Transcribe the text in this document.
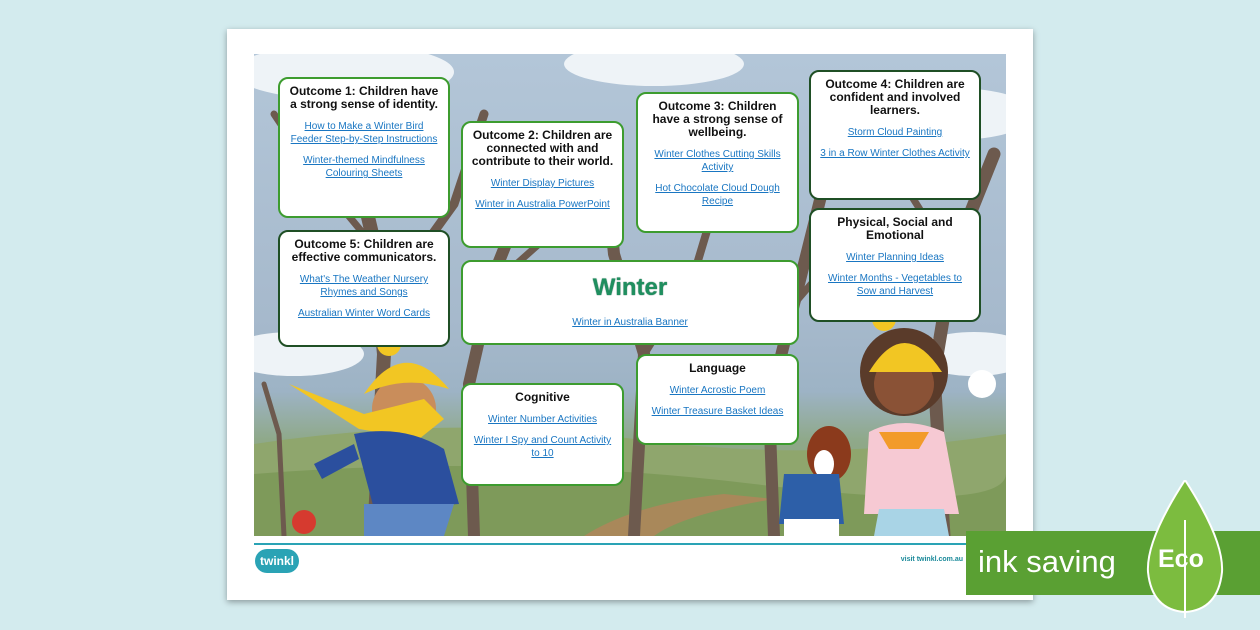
Outcome 1: Children have a strong sense of identity.
How to Make a Winter Bird Feeder Step-by-Step Instructions
Winter-themed Mindfulness Colouring Sheets
Outcome 2: Children are connected with and contribute to their world.
Winter Display Pictures
Winter in Australia PowerPoint
Outcome 3: Children have a strong sense of wellbeing.
Winter Clothes Cutting Skills Activity
Hot Chocolate Cloud Dough Recipe
Outcome 4: Children are confident and involved learners.
Storm Cloud Painting
3 in a Row Winter Clothes Activity
Outcome 5: Children are effective communicators.
What's The Weather Nursery Rhymes and Songs
Australian Winter Word Cards
Physical, Social and Emotional
Winter Planning Ideas
Winter Months - Vegetables to Sow and Harvest
Winter
Winter in Australia Banner
Cognitive
Winter Number Activities
Winter I Spy and Count Activity to 10
Language
Winter Acrostic Poem
Winter Treasure Basket Ideas
twinkl	visit twinkl.com.au ink saving Eco
